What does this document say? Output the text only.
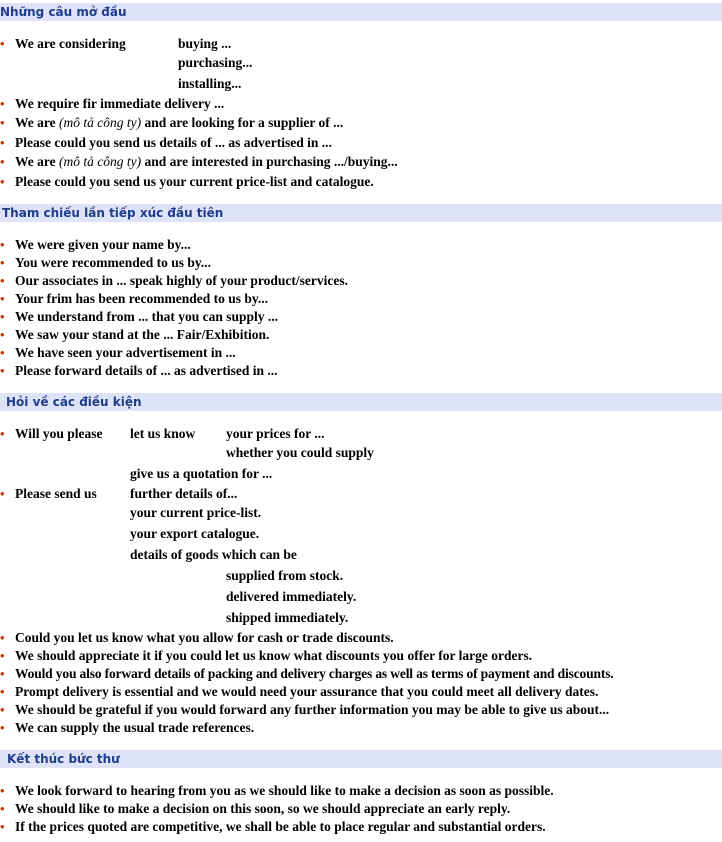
Những câu mở đầu
• We are considering	buying ...
purchasing...
installing...
• We require fir immediate delivery ...
• We are (mô tả công ty) and are looking for a supplier of ...
• Please could you send us details of ... as advertised in ...
• We are (mô tả công ty) and are interested in purchasing .../buying...
• Please could you send us your current price-list and catalogue.
Tham chiếu lần tiếp xúc đầu tiên
• We were given your name by...
• You were recommended to us by...
• Our associates in ... speak highly of your product/services.
• Your frim has been recommended to us by...
• We understand from ... that you can supply ...
• We saw your stand at the ... Fair/Exhibition.
• We have seen your advertisement in ...
• Please forward details of ... as advertised in ...
Hỏi về các điều kiện
• Will you please let us know your prices for ...
whether you could supply
give us a quotation for ...
• Please send us further details of...
your current price-list.
your export catalogue.
details of goods which can be
supplied from stock.
delivered immediately.
shipped immediately.
• Could you let us know what you allow for cash or trade discounts.
• We should appreciate it if you could let us know what discounts you offer for large orders.
• Would you also forward details of packing and delivery charges as well as terms of payment and discounts.
• Prompt delivery is essential and we would need your assurance that you could meet all delivery dates.
• We should be grateful if you would forward any further information you may be able to give us about...
• We can supply the usual trade references.
Kết thúc bức thư
• We look forward to hearing from you as we should like to make a decision as soon as possible.
• We should like to make a decision on this soon, so we should appreciate an early reply.
• If the prices quoted are competitive, we shall be able to place regular and substantial orders.
